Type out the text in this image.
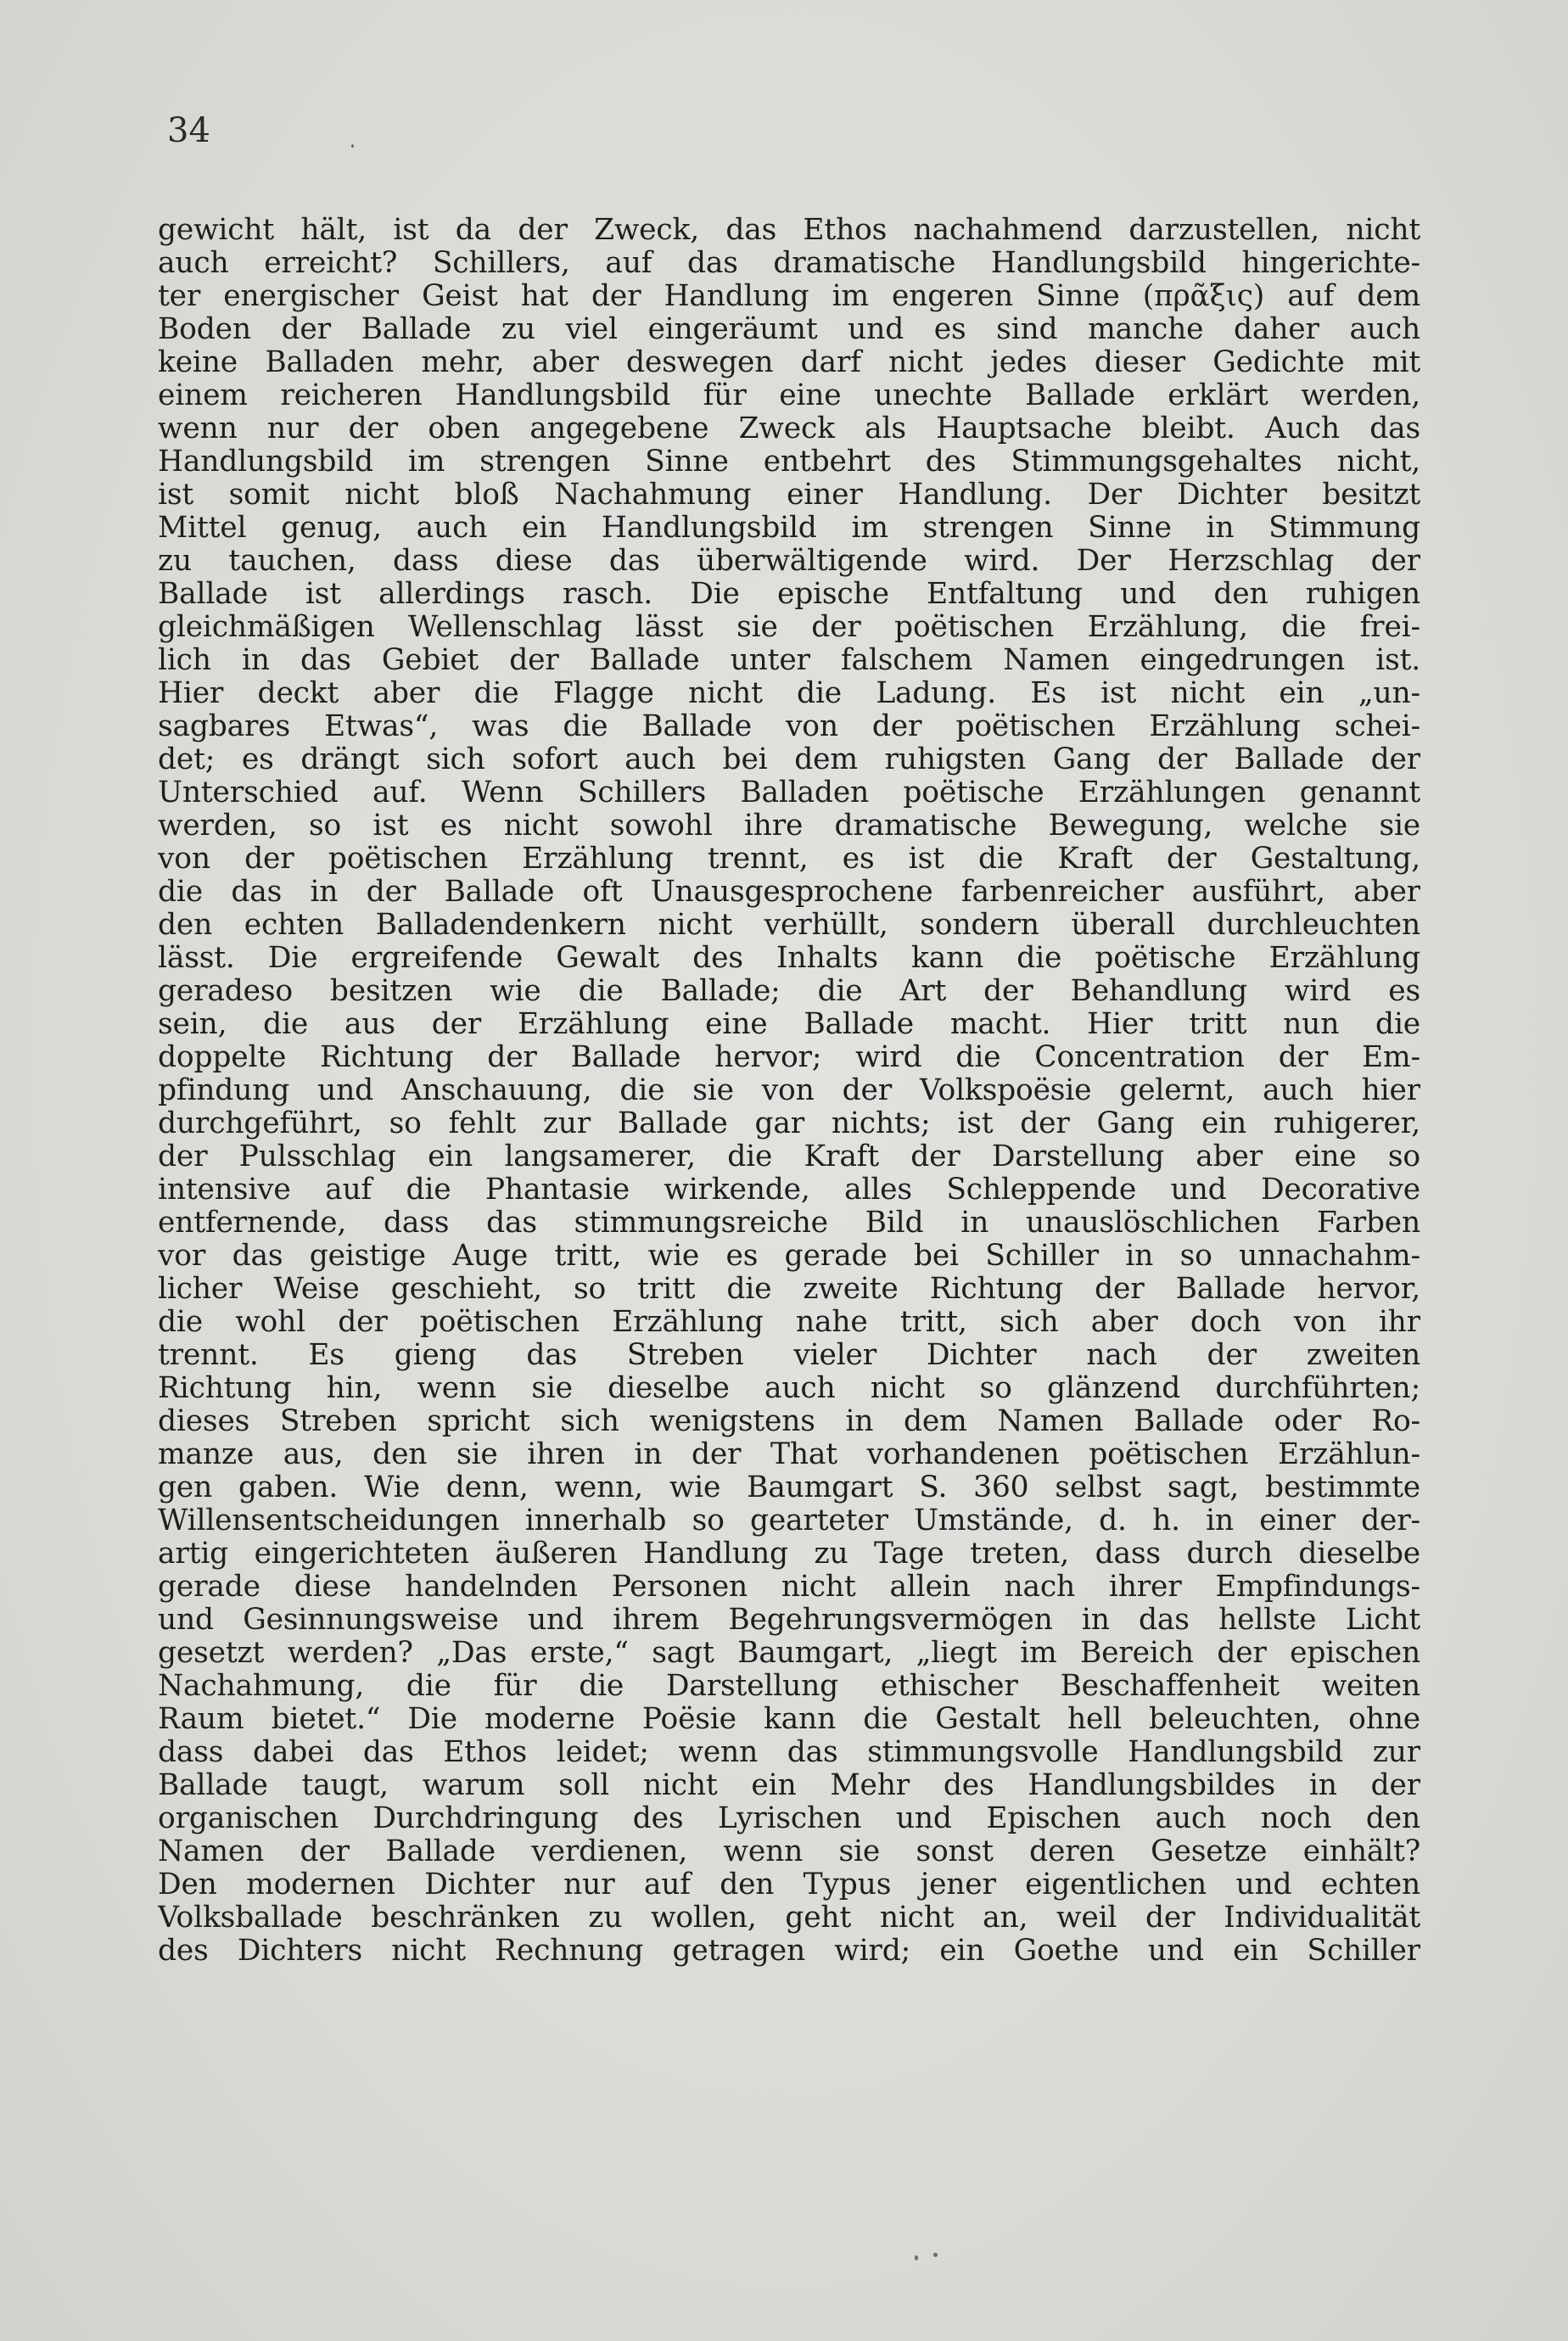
34
gewicht hält, ist da der Zweck, das Ethos nachahmend darzustellen, nicht
auch erreicht? Schillers, auf das dramatische Handlungsbild hingerichte-
ter energischer Geist hat der Handlung im engeren Sinne (πρᾶξις) auf dem
Boden der Ballade zu viel eingeräumt und es sind manche daher auch
keine Balladen mehr, aber deswegen darf nicht jedes dieser Gedichte mit
einem reicheren Handlungsbild für eine unechte Ballade erklärt werden,
wenn nur der oben angegebene Zweck als Hauptsache bleibt. Auch das
Handlungsbild im strengen Sinne entbehrt des Stimmungsgehaltes nicht,
ist somit nicht bloß Nachahmung einer Handlung. Der Dichter besitzt
Mittel genug, auch ein Handlungsbild im strengen Sinne in Stimmung
zu tauchen, dass diese das überwältigende wird. Der Herzschlag der
Ballade ist allerdings rasch. Die epische Entfaltung und den ruhigen
gleichmäßigen Wellenschlag lässt sie der poëtischen Erzählung, die frei-
lich in das Gebiet der Ballade unter falschem Namen eingedrungen ist.
Hier deckt aber die Flagge nicht die Ladung. Es ist nicht ein „un-
sagbares Etwas“, was die Ballade von der poëtischen Erzählung schei-
det; es drängt sich sofort auch bei dem ruhigsten Gang der Ballade der
Unterschied auf. Wenn Schillers Balladen poëtische Erzählungen genannt
werden, so ist es nicht sowohl ihre dramatische Bewegung, welche sie
von der poëtischen Erzählung trennt, es ist die Kraft der Gestaltung,
die das in der Ballade oft Unausgesprochene farbenreicher ausführt, aber
den echten Balladendenkern nicht verhüllt, sondern überall durchleuchten
lässt. Die ergreifende Gewalt des Inhalts kann die poëtische Erzählung
geradeso besitzen wie die Ballade; die Art der Behandlung wird es
sein, die aus der Erzählung eine Ballade macht. Hier tritt nun die
doppelte Richtung der Ballade hervor; wird die Concentration der Em-
pfindung und Anschauung, die sie von der Volkspoësie gelernt, auch hier
durchgeführt, so fehlt zur Ballade gar nichts; ist der Gang ein ruhigerer,
der Pulsschlag ein langsamerer, die Kraft der Darstellung aber eine so
intensive auf die Phantasie wirkende, alles Schleppende und Decorative
entfernende, dass das stimmungsreiche Bild in unauslöschlichen Farben
vor das geistige Auge tritt, wie es gerade bei Schiller in so unnachahm-
licher Weise geschieht, so tritt die zweite Richtung der Ballade hervor,
die wohl der poëtischen Erzählung nahe tritt, sich aber doch von ihr
trennt. Es gieng das Streben vieler Dichter nach der zweiten
Richtung hin, wenn sie dieselbe auch nicht so glänzend durchführten;
dieses Streben spricht sich wenigstens in dem Namen Ballade oder Ro-
manze aus, den sie ihren in der That vorhandenen poëtischen Erzählun-
gen gaben. Wie denn, wenn, wie Baumgart S. 360 selbst sagt, bestimmte
Willensentscheidungen innerhalb so gearteter Umstände, d. h. in einer der-
artig eingerichteten äußeren Handlung zu Tage treten, dass durch dieselbe
gerade diese handelnden Personen nicht allein nach ihrer Empfindungs-
und Gesinnungsweise und ihrem Begehrungsvermögen in das hellste Licht
gesetzt werden? „Das erste,“ sagt Baumgart, „liegt im Bereich der epischen
Nachahmung, die für die Darstellung ethischer Beschaffenheit weiten
Raum bietet.“ Die moderne Poësie kann die Gestalt hell beleuchten, ohne
dass dabei das Ethos leidet; wenn das stimmungsvolle Handlungsbild zur
Ballade taugt, warum soll nicht ein Mehr des Handlungsbildes in der
organischen Durchdringung des Lyrischen und Epischen auch noch den
Namen der Ballade verdienen, wenn sie sonst deren Gesetze einhält?
Den modernen Dichter nur auf den Typus jener eigentlichen und echten
Volksballade beschränken zu wollen, geht nicht an, weil der Individualität
des Dichters nicht Rechnung getragen wird; ein Goethe und ein Schiller
